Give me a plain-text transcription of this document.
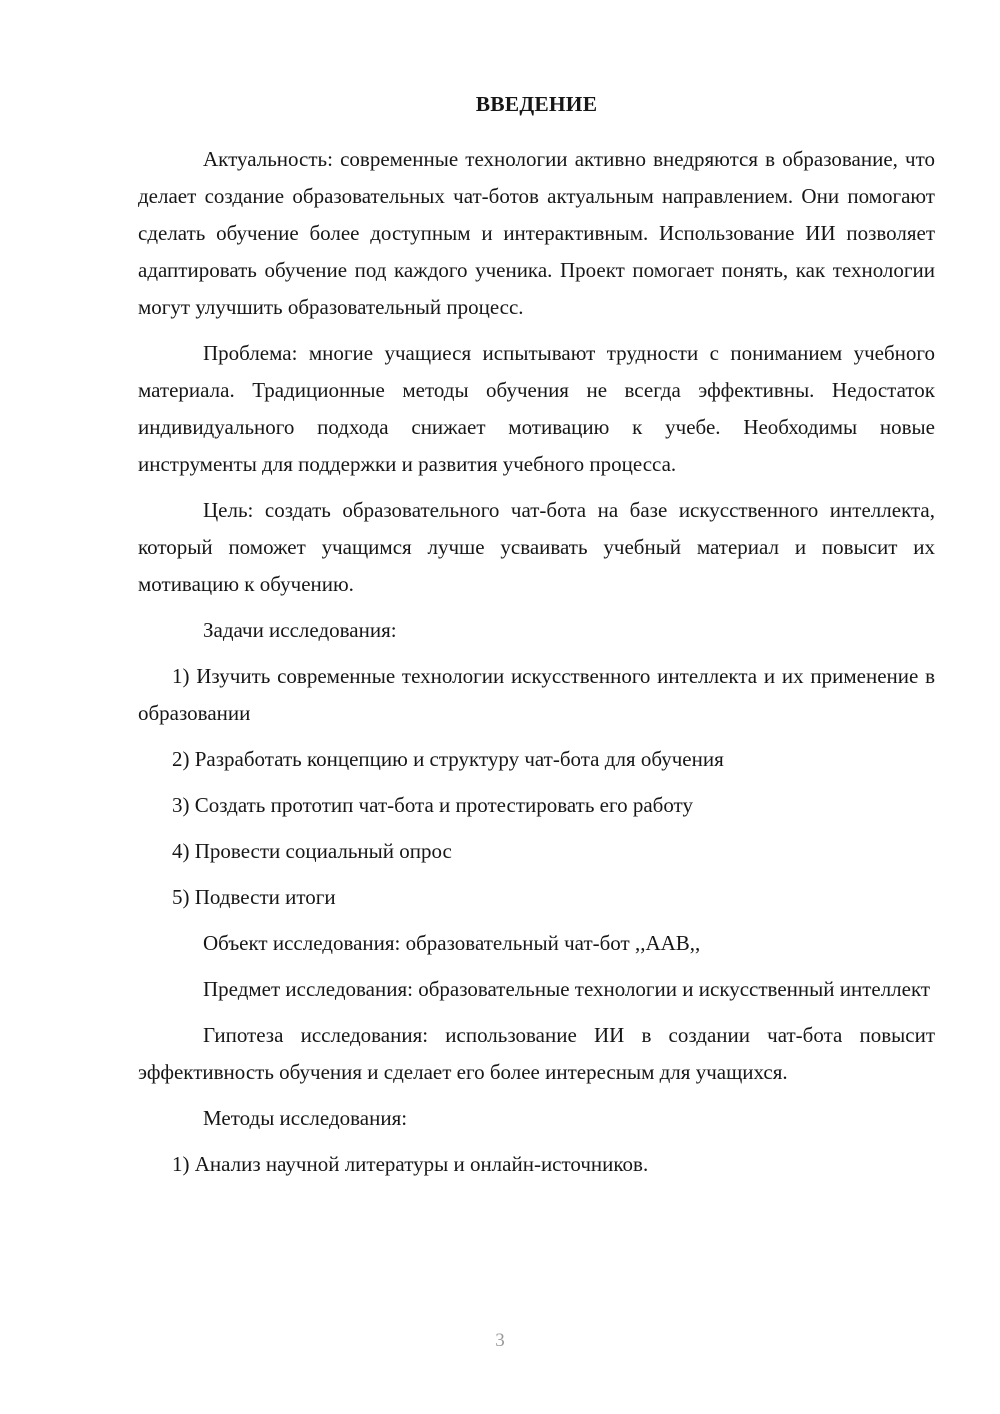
ВВЕДЕНИЕ

Актуальность: современные технологии активно внедряются в образование, что делает создание образовательных чат-ботов актуальным направлением. Они помогают сделать обучение более доступным и интерактивным. Использование ИИ позволяет адаптировать обучение под каждого ученика. Проект помогает понять, как технологии могут улучшить образовательный процесс.

Проблема: многие учащиеся испытывают трудности с пониманием учебного материала. Традиционные методы обучения не всегда эффективны. Недостаток индивидуального подхода снижает мотивацию к учебе. Необходимы новые инструменты для поддержки и развития учебного процесса.

Цель: создать образовательного чат-бота на базе искусственного интеллекта, который поможет учащимся лучше усваивать учебный материал и повысит их мотивацию к обучению.

Задачи исследования:

1) Изучить современные технологии искусственного интеллекта и их применение в образовании

2) Разработать концепцию и структуру чат-бота для обучения

3) Создать прототип чат-бота и протестировать его работу

4) Провести социальный опрос

5) Подвести итоги

Объект исследования: образовательный чат-бот ,,ААВ,,

Предмет исследования: образовательные технологии и искусственный интеллект

Гипотеза исследования: использование ИИ в создании чат-бота повысит эффективность обучения и сделает его более интересным для учащихся.

Методы исследования:

1) Анализ научной литературы и онлайн-источников.

3
